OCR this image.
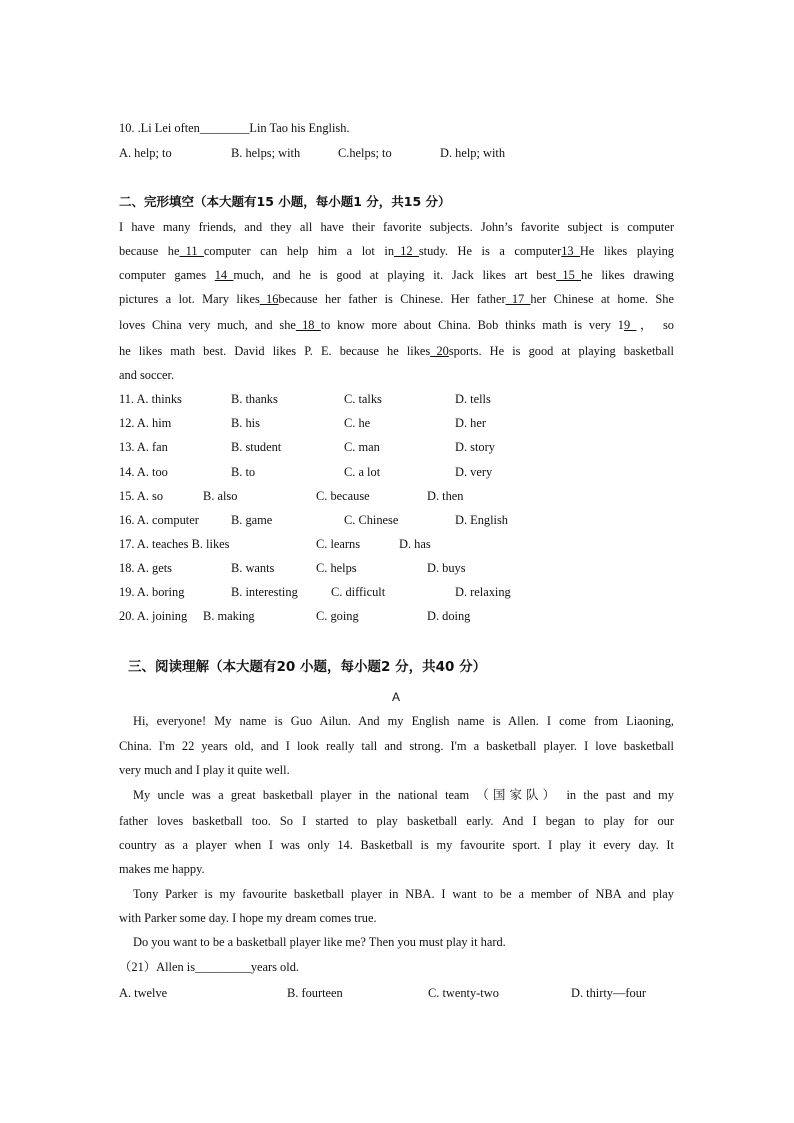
10. .Li Lei often________Lin Tao his English.
A. help; to	B. helps; with	C.helps; to	D. help; with
二、完形填空（本大题有15 小题，每小题1 分，共15 分）
I have many friends, and they all have their favorite subjects. John’s favorite subject is computer
because he_11_computer can help him a lot in_12_study. He is a computer13_He likes playing
computer games 14_much, and he is good at playing it. Jack likes art best_15_he likes drawing
pictures a lot. Mary likes_16because her father is Chinese. Her father_17_her Chinese at home. She
loves China very much, and she_18_to know more about China. Bob thinks math is very 19_， so
he likes math best. David likes P. E. because he likes_20sports. He is good at playing basketball
and soccer.
11. A. thinks	B. thanks	C. talks	D. tells
12. A. him	B. his	C. he	D. her
13. A. fan	B. student	C. man	D. story
14. A. too	B. to	C. a lot	D. very
15. A. so	B. also	C. because	D. then
16. A. computer	B. game	C. Chinese	D. English
17. A. teaches B. likes	C. learns	D. has
18. A. gets	B. wants	C. helps	D. buys
19. A. boring	B. interesting	C. difficult	D. relaxing
20. A. joining B. making	C. going	D. doing
三、阅读理解（本大题有20 小题，每小题2 分，共40 分）
A
Hi, everyone! My name is Guo Ailun. And my English name is Allen. I come from Liaoning,
China. I'm 22 years old, and I look really tall and strong. I'm a basketball player. I love basketball
very much and I play it quite well.
My uncle was a great basketball player in the national team （国家队） in the past and my
father loves basketball too. So I started to play basketball early. And I began to play for our
country as a player when I was only 14. Basketball is my favourite sport. I play it every day. It
makes me happy.
Tony Parker is my favourite basketball player in NBA. I want to be a member of NBA and play
with Parker some day. I hope my dream comes true.
Do you want to be a basketball player like me? Then you must play it hard.
（21）Allen is_________years old.
A. twelve	B. fourteen	C. twenty-two	D. thirty—four
